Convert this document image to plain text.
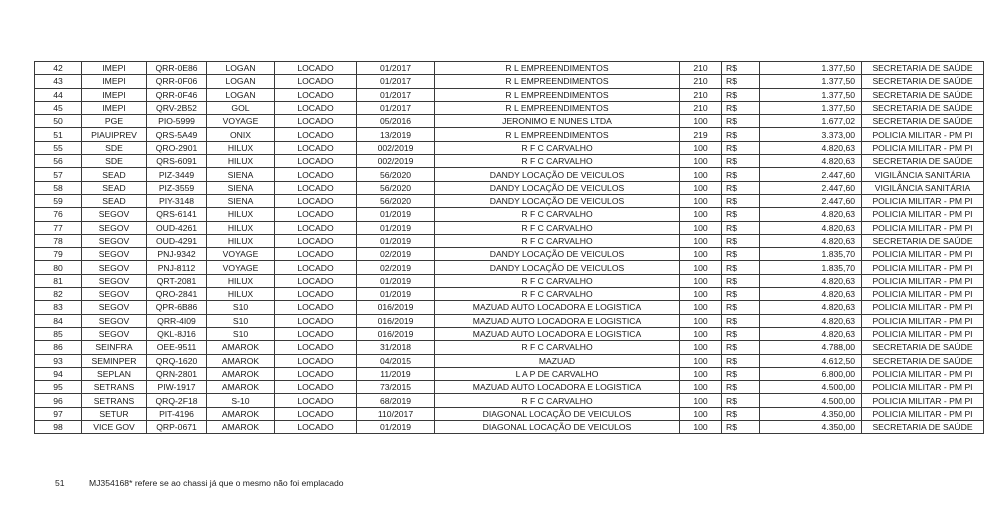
42	IMEPI	QRR-0E86	LOGAN	LOCADO	01/2017	R L EMPREENDIMENTOS	210	R$	1.377,50	SECRETARIA DE SAÚDE
43	IMEPI	QRR-0F06	LOGAN	LOCADO	01/2017	R L EMPREENDIMENTOS	210	R$	1.377,50	SECRETARIA DE SAÚDE
44	IMEPI	QRR-0F46	LOGAN	LOCADO	01/2017	R L EMPREENDIMENTOS	210	R$	1.377,50	SECRETARIA DE SAÚDE
45	IMEPI	QRV-2B52	GOL	LOCADO	01/2017	R L EMPREENDIMENTOS	210	R$	1.377,50	SECRETARIA DE SAÚDE
50	PGE	PIO-5999	VOYAGE	LOCADO	05/2016	JERONIMO E NUNES LTDA	100	R$	1.677,02	SECRETARIA DE SAÚDE
51	PIAUIPREV	QRS-5A49	ONIX	LOCADO	13/2019	R L EMPREENDIMENTOS	219	R$	3.373,00	POLICIA MILITAR - PM PI
55	SDE	QRO-2901	HILUX	LOCADO	002/2019	R F C CARVALHO	100	R$	4.820,63	POLICIA MILITAR - PM PI
56	SDE	QRS-6091	HILUX	LOCADO	002/2019	R F C CARVALHO	100	R$	4.820,63	SECRETARIA DE SAÚDE
57	SEAD	PIZ-3449	SIENA	LOCADO	56/2020	DANDY LOCAÇÃO DE VEICULOS	100	R$	2.447,60	VIGILÂNCIA SANITÁRIA
58	SEAD	PIZ-3559	SIENA	LOCADO	56/2020	DANDY LOCAÇÃO DE VEICULOS	100	R$	2.447,60	VIGILÂNCIA SANITÁRIA
59	SEAD	PIY-3148	SIENA	LOCADO	56/2020	DANDY LOCAÇÃO DE VEICULOS	100	R$	2.447,60	POLICIA MILITAR - PM PI
76	SEGOV	QRS-6141	HILUX	LOCADO	01/2019	R F C CARVALHO	100	R$	4.820,63	POLICIA MILITAR - PM PI
77	SEGOV	OUD-4261	HILUX	LOCADO	01/2019	R F C CARVALHO	100	R$	4.820,63	POLICIA MILITAR - PM PI
78	SEGOV	OUD-4291	HILUX	LOCADO	01/2019	R F C CARVALHO	100	R$	4.820,63	SECRETARIA DE SAÚDE
79	SEGOV	PNJ-9342	VOYAGE	LOCADO	02/2019	DANDY LOCAÇÃO DE VEICULOS	100	R$	1.835,70	POLICIA MILITAR - PM PI
80	SEGOV	PNJ-8112	VOYAGE	LOCADO	02/2019	DANDY LOCAÇÃO DE VEICULOS	100	R$	1.835,70	POLICIA MILITAR - PM PI
81	SEGOV	QRT-2081	HILUX	LOCADO	01/2019	R F C CARVALHO	100	R$	4.820,63	POLICIA MILITAR - PM PI
82	SEGOV	QRO-2841	HILUX	LOCADO	01/2019	R F C CARVALHO	100	R$	4.820,63	POLICIA MILITAR - PM PI
83	SEGOV	QPR-6B86	S10	LOCADO	016/2019	MAZUAD AUTO LOCADORA E LOGISTICA	100	R$	4.820,63	POLICIA MILITAR - PM PI
84	SEGOV	QRR-4I09	S10	LOCADO	016/2019	MAZUAD AUTO LOCADORA E LOGISTICA	100	R$	4.820,63	POLICIA MILITAR - PM PI
85	SEGOV	QKL-8J16	S10	LOCADO	016/2019	MAZUAD AUTO LOCADORA E LOGISTICA	100	R$	4.820,63	POLICIA MILITAR - PM PI
86	SEINFRA	OEE-9511	AMAROK	LOCADO	31/2018	R F C CARVALHO	100	R$	4.788,00	SECRETARIA DE SAÚDE
93	SEMINPER	QRQ-1620	AMAROK	LOCADO	04/2015	MAZUAD	100	R$	4.612,50	SECRETARIA DE SAÚDE
94	SEPLAN	QRN-2801	AMAROK	LOCADO	11/2019	L A P DE CARVALHO	100	R$	6.800,00	POLICIA MILITAR - PM PI
95	SETRANS	PIW-1917	AMAROK	LOCADO	73/2015	MAZUAD AUTO LOCADORA E LOGISTICA	100	R$	4.500,00	POLICIA MILITAR - PM PI
96	SETRANS	QRQ-2F18	S-10	LOCADO	68/2019	R F C CARVALHO	100	R$	4.500,00	POLICIA MILITAR - PM PI
97	SETUR	PIT-4196	AMAROK	LOCADO	110/2017	DIAGONAL LOCAÇÃO DE VEICULOS	100	R$	4.350,00	POLICIA MILITAR - PM PI
98	VICE GOV	QRP-0671	AMAROK	LOCADO	01/2019	DIAGONAL LOCAÇÃO DE VEICULOS	100	R$	4.350,00	SECRETARIA DE SAÚDE
51	MJ354168* refere se ao chassi já que o mesmo não foi emplacado
